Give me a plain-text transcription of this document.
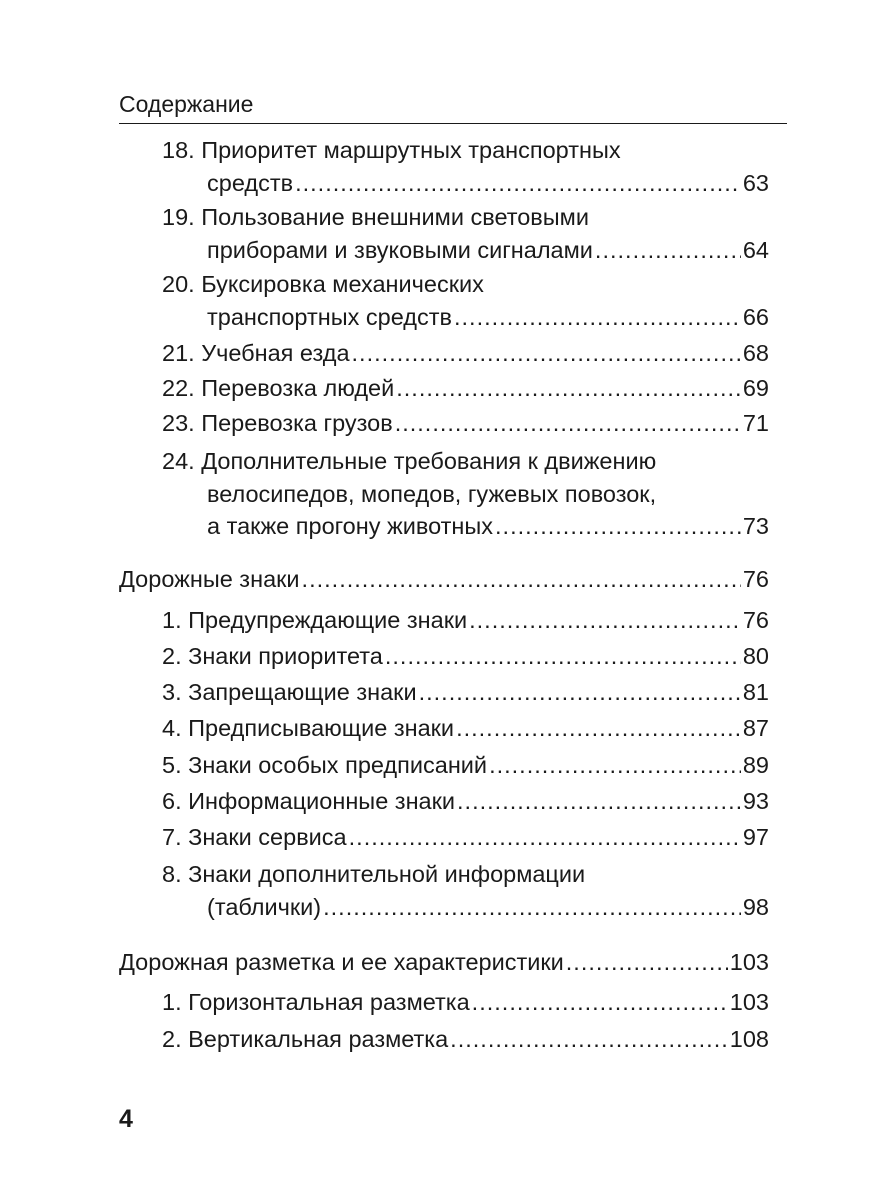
Содержание
18. Приоритет маршрутных транспортных
средств .....	63
19. Пользование внешними световыми
приборами и звуковыми сигналами .....	64
20. Буксировка механических
транспортных средств .....	66
21. Учебная езда .....	68
22. Перевозка людей .....	69
23. Перевозка грузов .....	71
24. Дополнительные требования к движению
велосипедов, мопедов, гужевых повозок,
а также прогону животных .....	73
Дорожные знаки .....	76
1. Предупреждающие знаки .....	76
2. Знаки приоритета .....	80
3. Запрещающие знаки .....	81
4. Предписывающие знаки .....	87
5. Знаки особых предписаний .....	89
6. Информационные знаки .....	93
7. Знаки сервиса .....	97
8. Знаки дополнительной информации
(таблички) .....	98
Дорожная разметка и ее характеристики .....	103
1. Горизонтальная разметка .....	103
2. Вертикальная разметка .....	108
4
